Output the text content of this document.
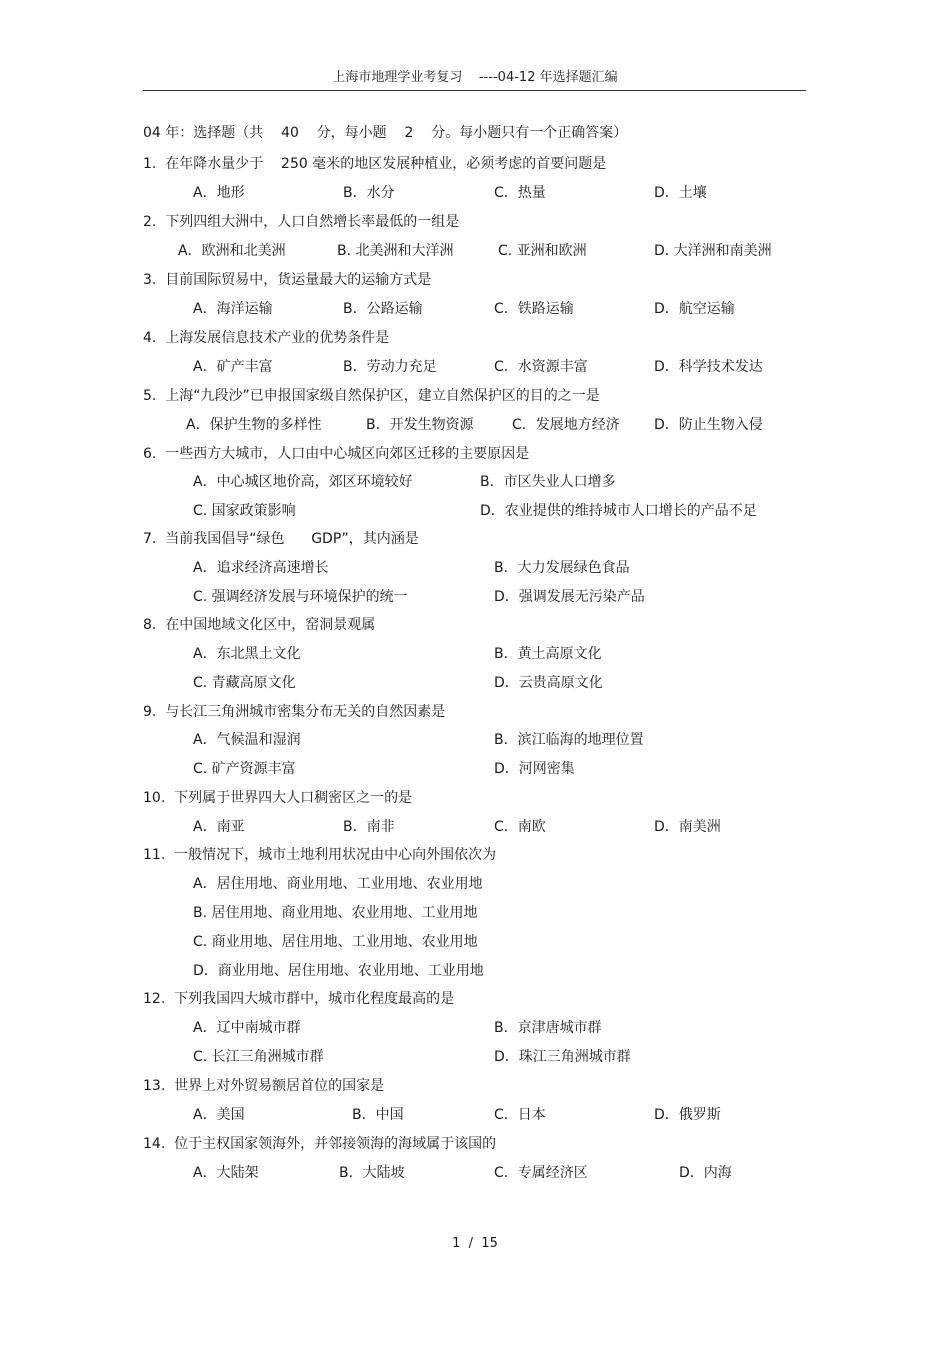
上海市地理学业考复习    ----04-12 年选择题汇编
04 年：选择题（共    40    分，每小题    2    分。每小题只有一个正确答案）
1.  在年降水量少于    250 毫米的地区发展种植业，必须考虑的首要问题是
A．地形	B．水分	C．热量	D．土壤
2.  下列四组大洲中，人口自然增长率最低的一组是
A．欧洲和北美洲	B. 北美洲和大洋洲	C. 亚洲和欧洲	D. 大洋洲和南美洲
3.  目前国际贸易中，货运量最大的运输方式是
A．海洋运输	B．公路运输	C．铁路运输	D．航空运输
4.  上海发展信息技术产业的优势条件是
A．矿产丰富	B．劳动力充足	C．水资源丰富	D．科学技术发达
5.  上海“九段沙”已申报国家级自然保护区，建立自然保护区的目的之一是
A．保护生物的多样性	B．开发生物资源	C．发展地方经济 D．防止生物入侵
6.  一些西方大城市，人口由中心城区向郊区迁移的主要原因是
A．中心城区地价高，郊区环境较好	B．市区失业人口增多
C. 国家政策影响	D．农业提供的维持城市人口增长的产品不足
7.  当前我国倡导“绿色      GDP”，其内涵是
A．追求经济高速增长	B．大力发展绿色食品
C. 强调经济发展与环境保护的统一	D．强调发展无污染产品
8.  在中国地域文化区中，窑洞景观属
A．东北黑土文化	B．黄土高原文化
C. 青藏高原文化	D．云贵高原文化
9.  与长江三角洲城市密集分布无关的自然因素是
A．气候温和湿润	B．滨江临海的地理位置
C. 矿产资源丰富	D．河网密集
10.  下列属于世界四大人口稠密区之一的是
A．南亚	B．南非	C．南欧	D．南美洲
11.  一般情况下，城市土地利用状况由中心向外围依次为
A．居住用地、商业用地、工业用地、农业用地
B. 居住用地、商业用地、农业用地、工业用地
C. 商业用地、居住用地、工业用地、农业用地
D．商业用地、居住用地、农业用地、工业用地
12.  下列我国四大城市群中，城市化程度最高的是
A．辽中南城市群	B．京津唐城市群
C. 长江三角洲城市群	D．珠江三角洲城市群
13.  世界上对外贸易额居首位的国家是
A．美国	B．中国	C．日本	D．俄罗斯
14.  位于主权国家领海外，并邻接领海的海域属于该国的
A．大陆架	B．大陆坡	C．专属经济区	D．内海
1  /  15
